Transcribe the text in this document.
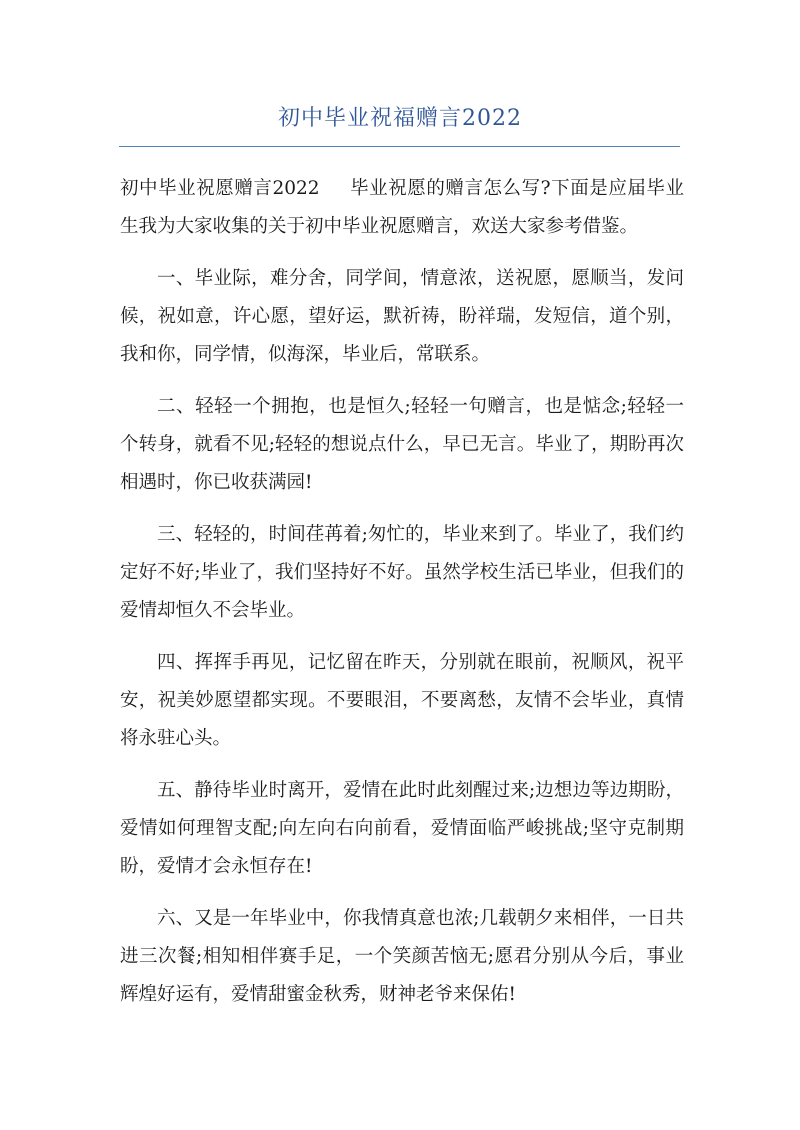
初中毕业祝福赠言2022

初中毕业祝愿赠言2022 毕业祝愿的赠言怎么写?下面是应届毕业生我为大家收集的关于初中毕业祝愿赠言，欢送大家参考借鉴。

一、毕业际，难分舍，同学间，情意浓，送祝愿，愿顺当，发问候，祝如意，许心愿，望好运，默祈祷，盼祥瑞，发短信，道个别，我和你，同学情，似海深，毕业后，常联系。

二、轻轻一个拥抱，也是恒久;轻轻一句赠言，也是惦念;轻轻一个转身，就看不见;轻轻的想说点什么，早已无言。毕业了，期盼再次相遇时，你已收获满园!

三、轻轻的，时间荏苒着;匆忙的，毕业来到了。毕业了，我们约定好不好;毕业了，我们坚持好不好。虽然学校生活已毕业，但我们的爱情却恒久不会毕业。

四、挥挥手再见，记忆留在昨天，分别就在眼前，祝顺风，祝平安，祝美妙愿望都实现。不要眼泪，不要离愁，友情不会毕业，真情将永驻心头。

五、静待毕业时离开，爱情在此时此刻醒过来;边想边等边期盼，爱情如何理智支配;向左向右向前看，爱情面临严峻挑战;坚守克制期盼，爱情才会永恒存在!

六、又是一年毕业中，你我情真意也浓;几载朝夕来相伴，一日共进三次餐;相知相伴赛手足，一个笑颜苦恼无;愿君分别从今后，事业辉煌好运有，爱情甜蜜金秋秀，财神老爷来保佑!
